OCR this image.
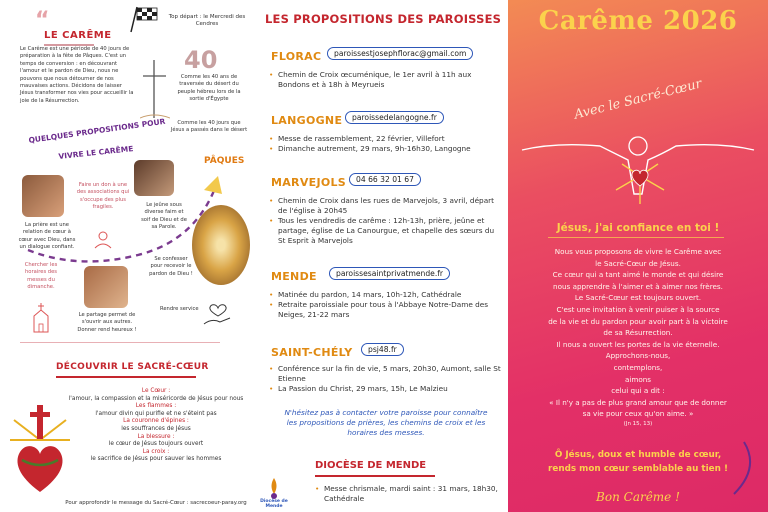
“
LE CARÊME
Le Carême est une période de 40 jours de préparation à la fête de Pâques. C'est un temps de conversion : en découvrant l'amour et le pardon de Dieu, nous ne pouvons que nous détourner de nos mauvaises actions. Décidons de laisser Jésus transformer nos vies pour accueillir la joie de la Résurrection.
Top départ : le Mercredi des Cendres
40
Comme les 40 ans de traversée du désert du peuple hébreu lors de la sortie d'Égypte
Comme les 40 jours que Jésus a passés dans le désert
QUELQUES PROPOSITIONS POUR
VIVRE LE CARÊME
PÂQUES
La prière est une relation de cœur à cœur avec Dieu, dans un dialogue confiant.
Faire un don à une des associations qui s'occupe des plus fragiles.	Le jeûne sous diverse faim et soif de Dieu et de sa Parole.
Chercher les horaires des messes du dimanche.
Le partage permet de s'ouvrir aux autres. Donner rend heureux !
Se confesser pour recevoir le pardon de Dieu !
Rendre service
DÉCOUVRIR LE SACRÉ-CŒUR
Le Cœur :
l'amour, la compassion et la miséricorde de Jésus pour nous
Les flammes :
l'amour divin qui purifie et ne s'éteint pas
La couronne d'épines :
les souffrances de Jésus
La blessure :
le cœur de Jésus toujours ouvert
La croix :
le sacrifice de Jésus pour sauver les hommes
Pour approfondir le message du Sacré-Cœur : sacrecoeur-paray.org
LES PROPOSITIONS DES PAROISSES
FLORAC	paroissestjosephflorac@gmail.com
• Chemin de Croix œcuménique, le 1er avril à 11h aux Bondons et à 18h à Meyrueis
LANGOGNE	paroissedelangogne.fr
• Messe de rassemblement, 22 février, Villefort
• Dimanche autrement, 29 mars, 9h-16h30, Langogne
MARVEJOLS	04 66 32 01 67
• Chemin de Croix dans les rues de Marvejols, 3 avril, départ de l'église à 20h45
• Tous les vendredis de carême : 12h-13h, prière, jeûne et partage, église de La Canourgue, et chapelle des sœurs du St Esprit à Marvejols
MENDE	paroissesaintprivatmende.fr
• Matinée du pardon, 14 mars, 10h-12h, Cathédrale
• Retraite paroissiale pour tous à l'Abbaye Notre-Dame des Neiges, 21-22 mars
SAINT-CHÉLY	psj48.fr
• Conférence sur la fin de vie, 5 mars, 20h30, Aumont, salle St Etienne
• La Passion du Christ, 29 mars, 15h, Le Malzieu
N'hésitez pas à contacter votre paroisse pour connaître les propositions de prières, les chemins de croix et les horaires des messes.
DIOCÈSE DE MENDE
Diocèse de Mende
• Messe chrismale, mardi saint : 31 mars, 18h30, Cathédrale
Carême 2026
Avec le Sacré-Cœur
Jésus, j'ai confiance en toi !
Nous vous proposons de vivre le Carême avec
le Sacré-Cœur de Jésus.
Ce cœur qui a tant aimé le monde et qui désire
nous apprendre à l'aimer et à aimer nos frères.
Le Sacré-Cœur est toujours ouvert.
C'est une invitation à venir puiser à la source
de la vie et du pardon pour avoir part à la victoire
de sa Résurrection.
Il nous a ouvert les portes de la vie éternelle.
Approchons-nous,
contemplons,
aimons
celui qui a dit :
« Il n'y a pas de plus grand amour que de donner
sa vie pour ceux qu'on aime. »
(Jn 15, 13)
Ô Jésus, doux et humble de cœur,
rends mon cœur semblable au tien !
Bon Carême !
